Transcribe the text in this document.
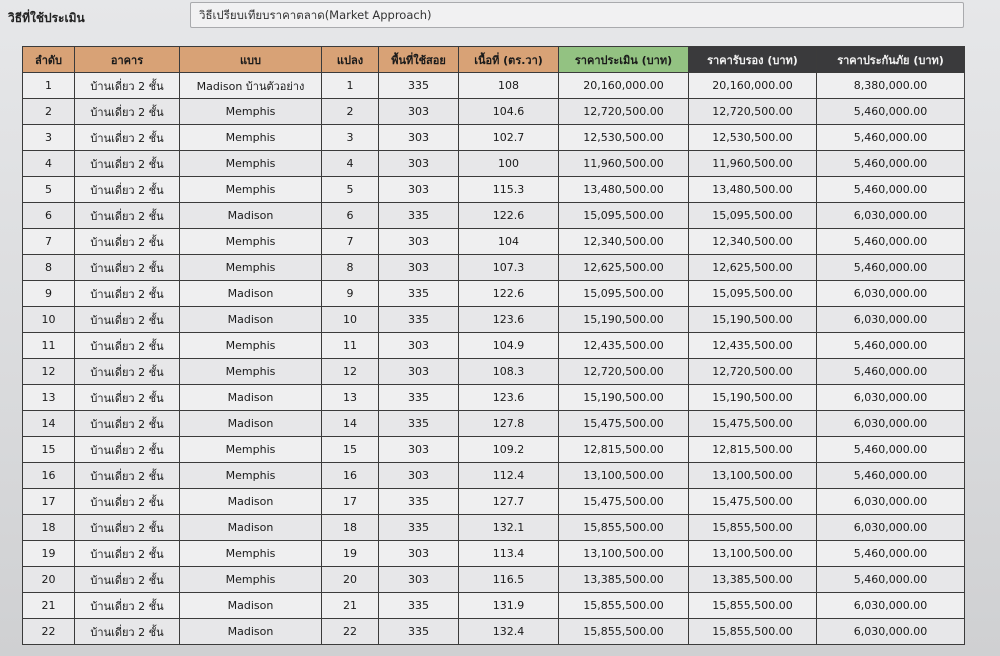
วิธีที่ใช้ประเมิน	วิธีเปรียบเทียบราคาตลาด(Market Approach)
ลำดับ	อาคาร	แบบ	แปลง	พื้นที่ใช้สอย	เนื้อที่ (ตร.วา)	ราคาประเมิน (บาท)	ราคารับรอง (บาท)	ราคาประกันภัย (บาท)
1	บ้านเดี่ยว 2 ชั้น	Madison บ้านตัวอย่าง	1	335	108	20,160,000.00	20,160,000.00	8,380,000.00
2	บ้านเดี่ยว 2 ชั้น	Memphis	2	303	104.6	12,720,500.00	12,720,500.00	5,460,000.00
3	บ้านเดี่ยว 2 ชั้น	Memphis	3	303	102.7	12,530,500.00	12,530,500.00	5,460,000.00
4	บ้านเดี่ยว 2 ชั้น	Memphis	4	303	100	11,960,500.00	11,960,500.00	5,460,000.00
5	บ้านเดี่ยว 2 ชั้น	Memphis	5	303	115.3	13,480,500.00	13,480,500.00	5,460,000.00
6	บ้านเดี่ยว 2 ชั้น	Madison	6	335	122.6	15,095,500.00	15,095,500.00	6,030,000.00
7	บ้านเดี่ยว 2 ชั้น	Memphis	7	303	104	12,340,500.00	12,340,500.00	5,460,000.00
8	บ้านเดี่ยว 2 ชั้น	Memphis	8	303	107.3	12,625,500.00	12,625,500.00	5,460,000.00
9	บ้านเดี่ยว 2 ชั้น	Madison	9	335	122.6	15,095,500.00	15,095,500.00	6,030,000.00
10	บ้านเดี่ยว 2 ชั้น	Madison	10	335	123.6	15,190,500.00	15,190,500.00	6,030,000.00
11	บ้านเดี่ยว 2 ชั้น	Memphis	11	303	104.9	12,435,500.00	12,435,500.00	5,460,000.00
12	บ้านเดี่ยว 2 ชั้น	Memphis	12	303	108.3	12,720,500.00	12,720,500.00	5,460,000.00
13	บ้านเดี่ยว 2 ชั้น	Madison	13	335	123.6	15,190,500.00	15,190,500.00	6,030,000.00
14	บ้านเดี่ยว 2 ชั้น	Madison	14	335	127.8	15,475,500.00	15,475,500.00	6,030,000.00
15	บ้านเดี่ยว 2 ชั้น	Memphis	15	303	109.2	12,815,500.00	12,815,500.00	5,460,000.00
16	บ้านเดี่ยว 2 ชั้น	Memphis	16	303	112.4	13,100,500.00	13,100,500.00	5,460,000.00
17	บ้านเดี่ยว 2 ชั้น	Madison	17	335	127.7	15,475,500.00	15,475,500.00	6,030,000.00
18	บ้านเดี่ยว 2 ชั้น	Madison	18	335	132.1	15,855,500.00	15,855,500.00	6,030,000.00
19	บ้านเดี่ยว 2 ชั้น	Memphis	19	303	113.4	13,100,500.00	13,100,500.00	5,460,000.00
20	บ้านเดี่ยว 2 ชั้น	Memphis	20	303	116.5	13,385,500.00	13,385,500.00	5,460,000.00
21	บ้านเดี่ยว 2 ชั้น	Madison	21	335	131.9	15,855,500.00	15,855,500.00	6,030,000.00
22	บ้านเดี่ยว 2 ชั้น	Madison	22	335	132.4	15,855,500.00	15,855,500.00	6,030,000.00
